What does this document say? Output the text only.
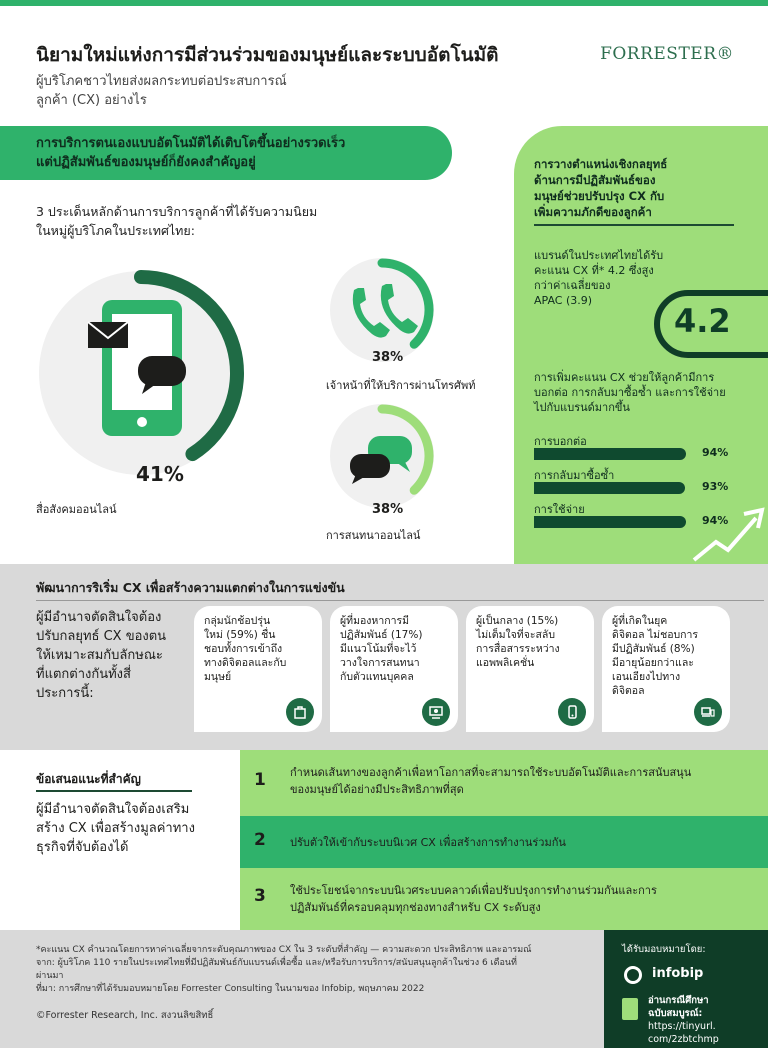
นิยามใหม่แห่งการมีส่วนร่วมของมนุษย์และระบบอัตโนมัติ
ผู้บริโภคชาวไทยส่งผลกระทบต่อประสบการณ์
ลูกค้า (CX) อย่างไร
FORRESTER®
การบริการตนเองแบบอัตโนมัติได้เติบโตขึ้นอย่างรวดเร็ว
แต่ปฏิสัมพันธ์ของมนุษย์ก็ยังคงสำคัญอยู่
3 ประเด็นหลักด้านการบริการลูกค้าที่ได้รับความนิยม
ในหมู่ผู้บริโภคในประเทศไทย:
41%
สื่อสังคมออนไลน์
38%
เจ้าหน้าที่ให้บริการผ่านโทรศัพท์
38%
การสนทนาออนไลน์
การวางตำแหน่งเชิงกลยุทธ์
ด้านการมีปฏิสัมพันธ์ของ
มนุษย์ช่วยปรับปรุง CX กับ
เพิ่มความภักดีของลูกค้า
แบรนด์ในประเทศไทยได้รับ
คะแนน CX ที่* 4.2 ซึ่งสูง
กว่าค่าเฉลี่ยของ
APAC (3.9)
4.2
การเพิ่มคะแนน CX ช่วยให้ลูกค้ามีการ
บอกต่อ การกลับมาซื้อซ้ำ และการใช้จ่าย
ไปกับแบรนด์มากขึ้น
การบอกต่อ
94%
การกลับมาซื้อซ้ำ
93%
การใช้จ่าย
94%
พัฒนาการริเริ่ม CX เพื่อสร้างความแตกต่างในการแข่งขัน
ผู้มีอำนาจตัดสินใจต้อง
ปรับกลยุทธ์ CX ของตน
ให้เหมาะสมกับลักษณะ
ที่แตกต่างกันทั้งสี่
ประการนี้:
กลุ่มนักช้อปรุ่น
ใหม่ (59%) ชื่น
ชอบทั้งการเข้าถึง
ทางดิจิตอลและกับ
มนุษย์
ผู้ที่มองหาการมี
ปฏิสัมพันธ์ (17%)
มีแนวโน้มที่จะไว้
วางใจการสนทนา
กับตัวแทนบุคคล
ผู้เป็นกลาง (15%)
ไม่เต็มใจที่จะสลับ
การสื่อสารระหว่าง
แอพพลิเคชั่น
ผู้ที่เกิดในยุค
ดิจิตอล ไม่ชอบการ
มีปฏิสัมพันธ์ (8%)
มีอายุน้อยกว่าและ
เอนเอียงไปทาง
ดิจิตอล
ข้อเสนอแนะที่สำคัญ
ผู้มีอำนาจตัดสินใจต้องเสริม
สร้าง CX เพื่อสร้างมูลค่าทาง
ธุรกิจที่จับต้องได้
1 กำหนดเส้นทางของลูกค้าเพื่อหาโอกาสที่จะสามารถใช้ระบบอัตโนมัติและการสนับสนุน
ของมนุษย์ได้อย่างมีประสิทธิภาพที่สุด
2 ปรับตัวให้เข้ากับระบบนิเวศ CX เพื่อสร้างการทำงานร่วมกัน
3 ใช้ประโยชน์จากระบบนิเวศระบบคลาวด์เพื่อปรับปรุงการทำงานร่วมกันและการ
ปฏิสัมพันธ์ที่ครอบคลุมทุกช่องทางสำหรับ CX ระดับสูง
*คะแนน CX คำนวณโดยการหาค่าเฉลี่ยจากระดับคุณภาพของ CX ใน 3 ระดับที่สำคัญ — ความสะดวก ประสิทธิภาพ และอารมณ์
จาก: ผู้บริโภค 110 รายในประเทศไทยที่มีปฏิสัมพันธ์กับแบรนด์เพื่อซื้อ และ/หรือรับการบริการ/สนับสนุนลูกค้าในช่วง 6 เดือนที่
ผ่านมา
ที่มา: การศึกษาที่ได้รับมอบหมายโดย Forrester Consulting ในนามของ Infobip, พฤษภาคม 2022
©Forrester Research, Inc. สงวนลิขสิทธิ์
ได้รับมอบหมายโดย:
infobip
อ่านกรณีศึกษา
ฉบับสมบูรณ์:
https://tinyurl.
com/2zbtchmp
